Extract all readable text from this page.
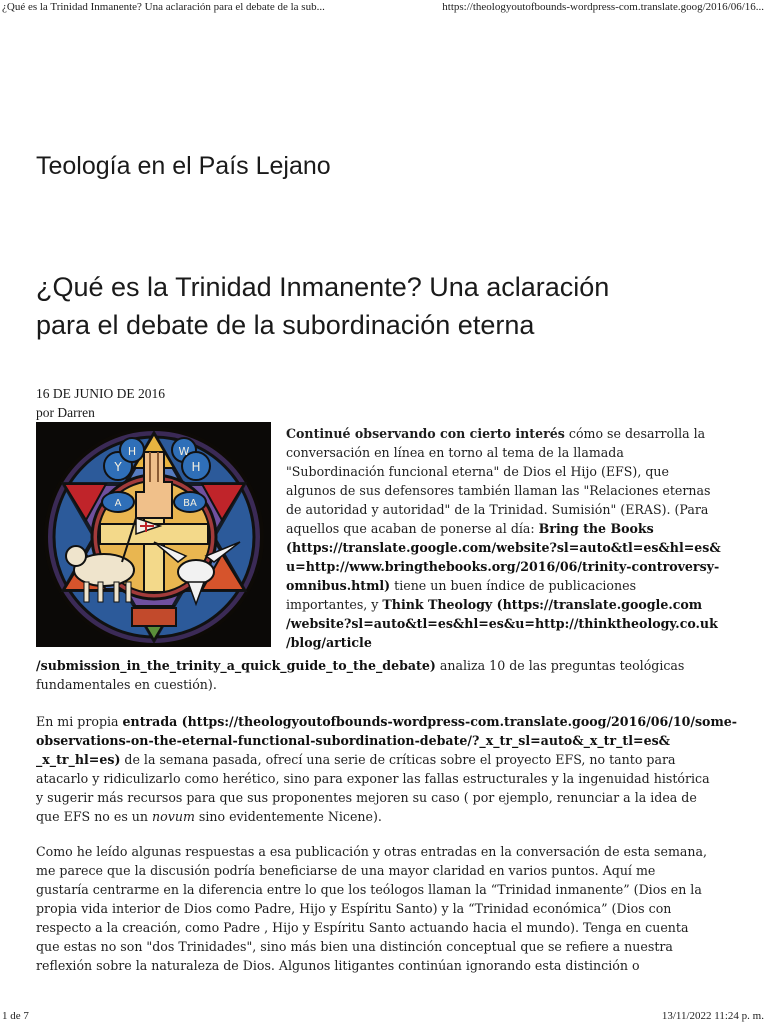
¿Qué es la Trinidad Inmanente? Una aclaración para el debate de la sub...	https://theologyoutofbounds-wordpress-com.translate.goog/2016/06/16...
Teología en el País Lejano
¿Qué es la Trinidad Inmanente? Una aclaración
para el debate de la subordinación eterna
16 DE JUNIO DE 2016
por Darren
Y
H	W
H
A	BA
Continué observando con cierto interés cómo se desarrolla la
conversación en línea en torno al tema de la llamada
"Subordinación funcional eterna" de Dios el Hijo (EFS), que
algunos de sus defensores también llaman las "Relaciones eternas
de autoridad y autoridad" de la Trinidad. Sumisión" (ERAS). (Para
aquellos que acaban de ponerse al día: Bring the Books
(https://translate.google.com/website?sl=auto&tl=es&hl=es&
u=http://www.bringthebooks.org/2016/06/trinity-controversy-
omnibus.html) tiene un buen índice de publicaciones
importantes, y Think Theology (https://translate.google.com
/website?sl=auto&tl=es&hl=es&u=http://thinktheology.co.uk
/blog/article
/submission_in_the_trinity_a_quick_guide_to_the_debate) analiza 10 de las preguntas teológicas
fundamentales en cuestión).
En mi propia entrada (https://theologyoutofbounds-wordpress-com.translate.goog/2016/06/10/some-
observations-on-the-eternal-functional-subordination-debate/?_x_tr_sl=auto&_x_tr_tl=es&
_x_tr_hl=es) de la semana pasada, ofrecí una serie de críticas sobre el proyecto EFS, no tanto para
atacarlo y ridiculizarlo como herético, sino para exponer las fallas estructurales y la ingenuidad histórica
y sugerir más recursos para que sus proponentes mejoren su caso ( por ejemplo, renunciar a la idea de
que EFS no es un novum sino evidentemente Nicene).
Como he leído algunas respuestas a esa publicación y otras entradas en la conversación de esta semana,
me parece que la discusión podría beneficiarse de una mayor claridad en varios puntos. Aquí me
gustaría centrarme en la diferencia entre lo que los teólogos llaman la “Trinidad inmanente” (Dios en la
propia vida interior de Dios como Padre, Hijo y Espíritu Santo) y la “Trinidad económica” (Dios con
respecto a la creación, como Padre , Hijo y Espíritu Santo actuando hacia el mundo). Tenga en cuenta
que estas no son "dos Trinidades", sino más bien una distinción conceptual que se refiere a nuestra
reflexión sobre la naturaleza de Dios. Algunos litigantes continúan ignorando esta distinción o
1 de 7	13/11/2022 11:24 p. m.
